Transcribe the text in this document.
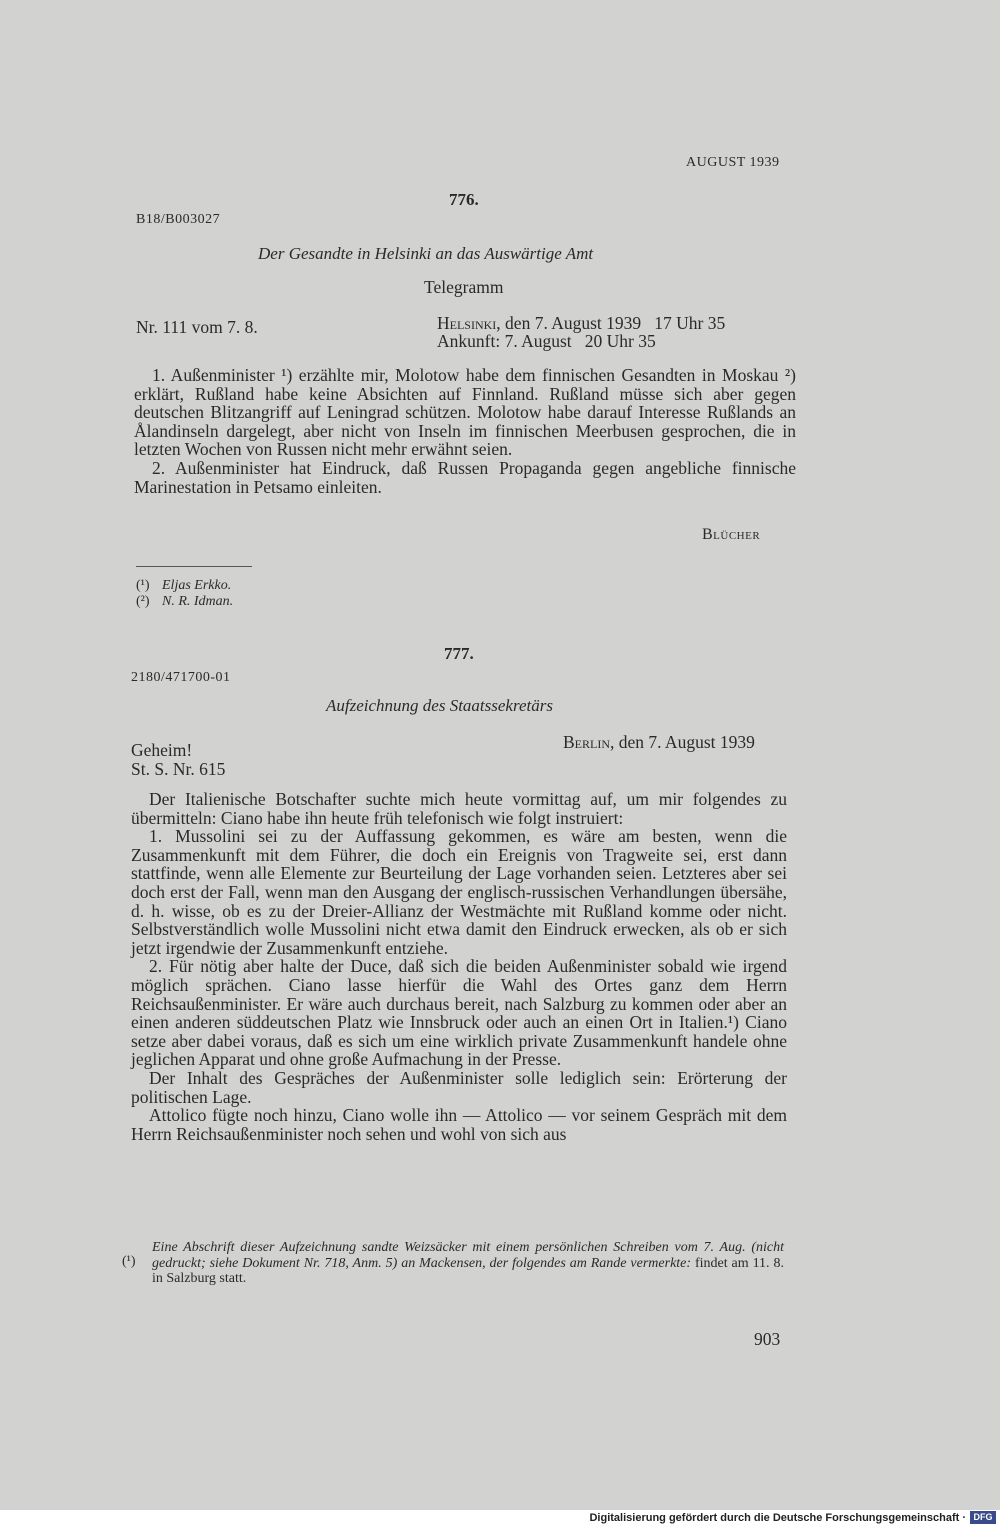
AUGUST 1939
776.
B18/B003027
Der Gesandte in Helsinki an das Auswärtige Amt
Telegramm
Nr. 111 vom 7. 8.	Helsinki, den 7. August 1939   17 Uhr 35
Ankunft: 7. August   20 Uhr 35

1. Außenminister ¹) erzählte mir, Molotow habe dem finnischen Gesandten in Moskau ²) erklärt, Rußland habe keine Absichten auf Finnland. Rußland müsse sich aber gegen deutschen Blitzangriff auf Leningrad schützen. Molotow habe darauf Interesse Rußlands an Ålandinseln dargelegt, aber nicht von Inseln im finnischen Meerbusen gesprochen, die in letzten Wochen von Russen nicht mehr erwähnt seien.

2. Außenminister hat Eindruck, daß Russen Propaganda gegen angebliche finnische Marinestation in Petsamo einleiten.

Blücher
(¹) Eljas Erkko.
(²) N. R. Idman.
777.
2180/471700-01
Aufzeichnung des Staatssekretärs
Berlin, den 7. August 1939
Geheim!
St. S. Nr. 615

Der Italienische Botschafter suchte mich heute vormittag auf, um mir folgendes zu übermitteln: Ciano habe ihn heute früh telefonisch wie folgt instruiert:

1. Mussolini sei zu der Auffassung gekommen, es wäre am besten, wenn die Zusammenkunft mit dem Führer, die doch ein Ereignis von Tragweite sei, erst dann stattfinde, wenn alle Elemente zur Beurteilung der Lage vorhanden seien. Letzteres aber sei doch erst der Fall, wenn man den Ausgang der englisch-russischen Verhandlungen übersähe, d. h. wisse, ob es zu der Dreier-Allianz der Westmächte mit Rußland komme oder nicht. Selbstverständlich wolle Mussolini nicht etwa damit den Eindruck erwecken, als ob er sich jetzt irgendwie der Zusammenkunft entziehe.

2. Für nötig aber halte der Duce, daß sich die beiden Außenminister sobald wie irgend möglich sprächen. Ciano lasse hierfür die Wahl des Ortes ganz dem Herrn Reichsaußenminister. Er wäre auch durchaus bereit, nach Salzburg zu kommen oder aber an einen anderen süddeutschen Platz wie Innsbruck oder auch an einen Ort in Italien.¹) Ciano setze aber dabei voraus, daß es sich um eine wirklich private Zusammenkunft handele ohne jeglichen Apparat und ohne große Aufmachung in der Presse.

Der Inhalt des Gespräches der Außenminister solle lediglich sein: Erörterung der politischen Lage.

Attolico fügte noch hinzu, Ciano wolle ihn — Attolico — vor seinem Gespräch mit dem Herrn Reichsaußenminister noch sehen und wohl von sich aus

(¹)

Eine Abschrift dieser Aufzeichnung sandte Weizsäcker mit einem persönlichen Schreiben vom 7. Aug. (nicht gedruckt; siehe Dokument Nr. 718, Anm. 5) an Mackensen, der folgendes am Rande vermerkte: findet am 11. 8. in Salzburg statt.

903
Digitalisierung gefördert durch die Deutsche Forschungsgemeinschaft · DFG
